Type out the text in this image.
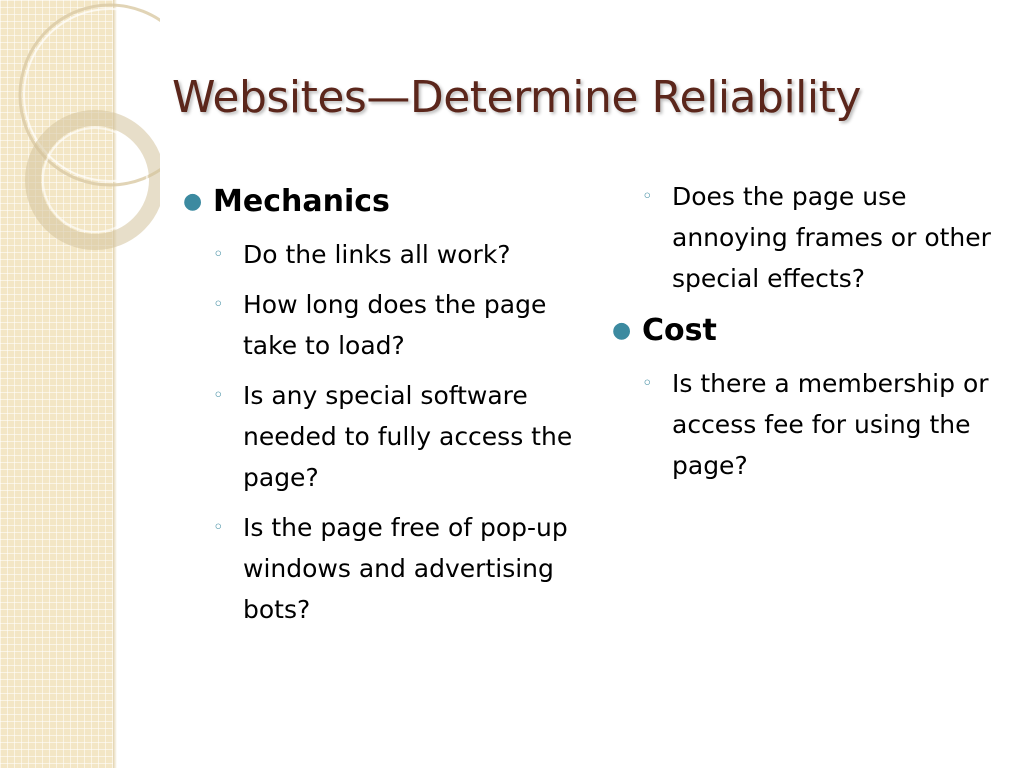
Websites—Determine Reliability
● Mechanics
◦ Do the links all work?
◦ How long does the page take to load?
◦ Is any special software needed to fully access the page?
◦ Is the page free of pop-up windows and advertising bots?
◦ Does the page use annoying frames or other special effects?
● Cost
◦ Is there a membership or access fee for using the page?
